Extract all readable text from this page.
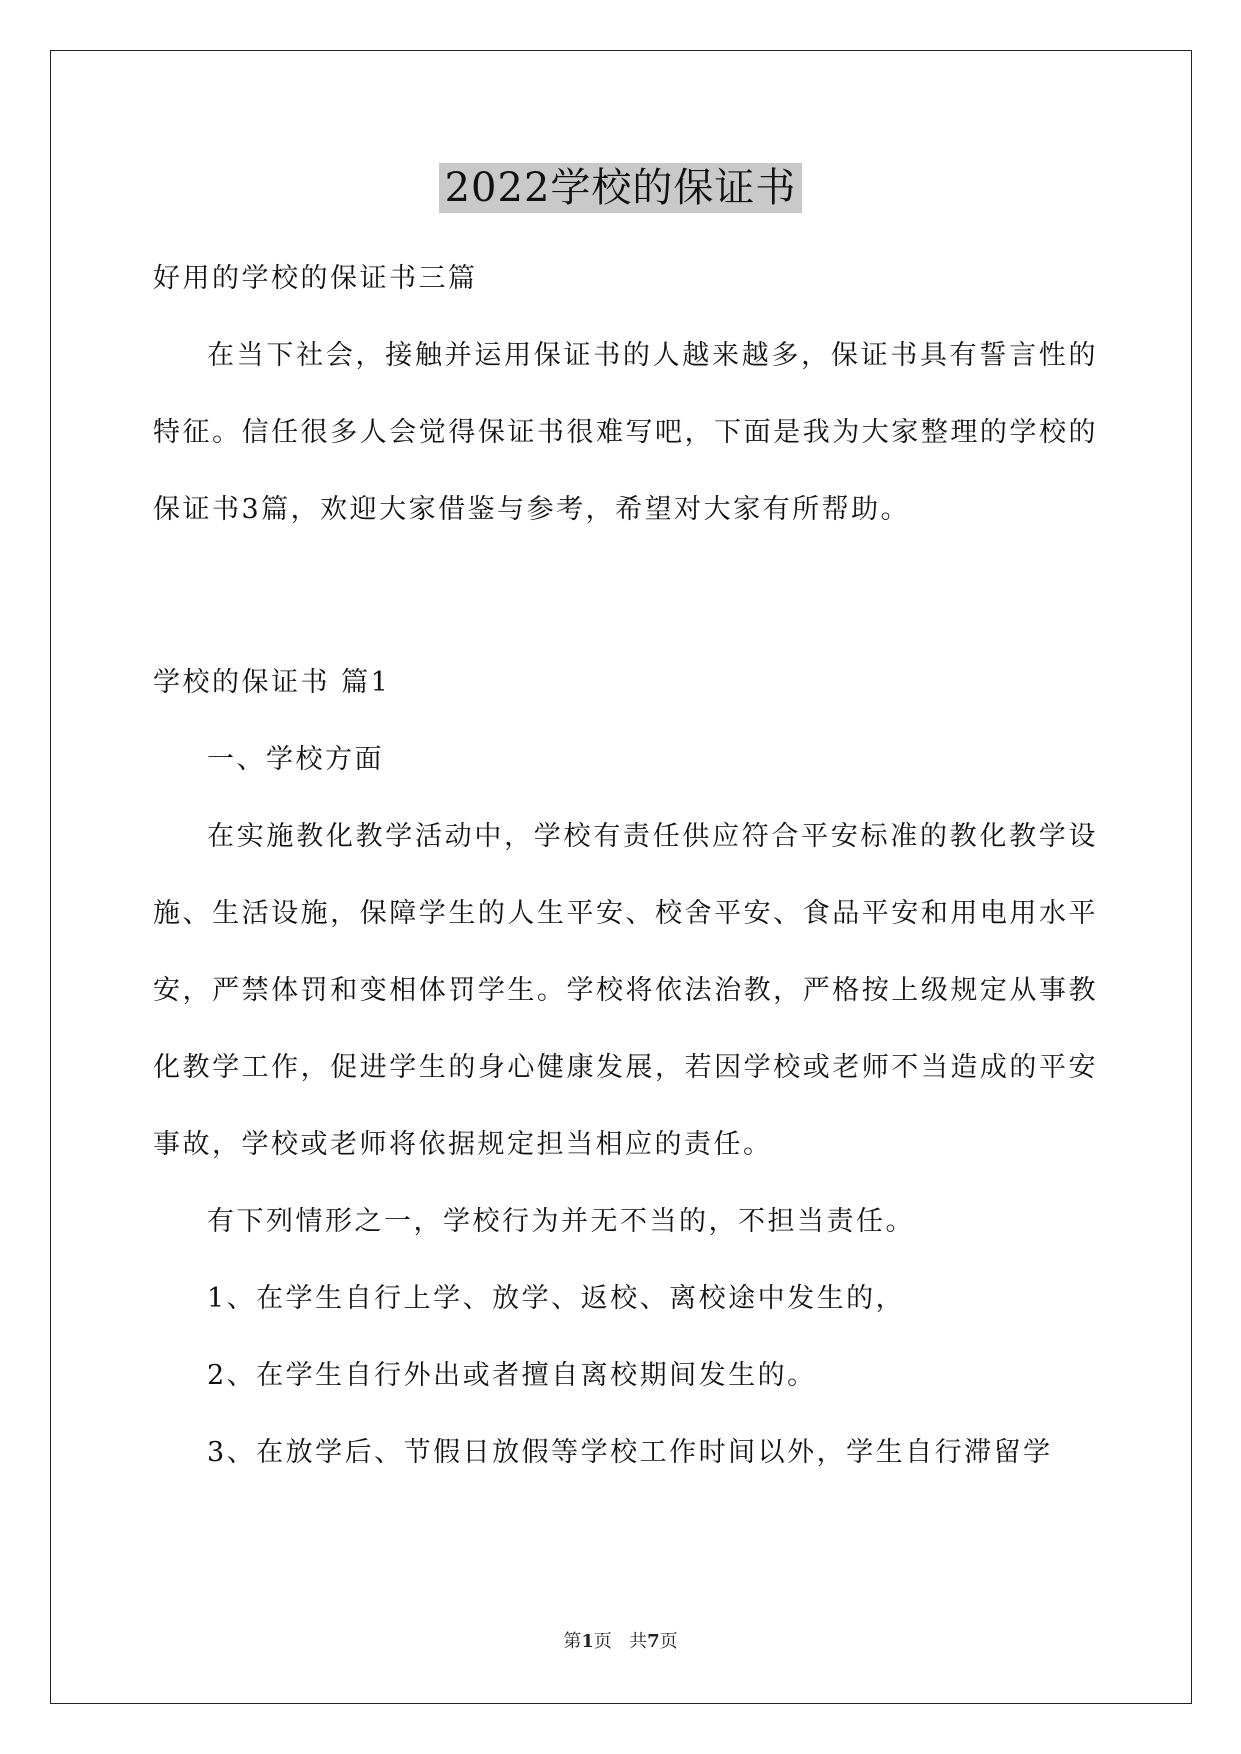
2022学校的保证书

好用的学校的保证书三篇

在当下社会，接触并运用保证书的人越来越多，保证书具有誓言性的特征。信任很多人会觉得保证书很难写吧，下面是我为大家整理的学校的保证书3篇，欢迎大家借鉴与参考，希望对大家有所帮助。

学校的保证书 篇1

一、学校方面

在实施教化教学活动中，学校有责任供应符合平安标准的教化教学设施、生活设施，保障学生的人生平安、校舍平安、食品平安和用电用水平安，严禁体罚和变相体罚学生。学校将依法治教，严格按上级规定从事教化教学工作，促进学生的身心健康发展，若因学校或老师不当造成的平安事故，学校或老师将依据规定担当相应的责任。

有下列情形之一，学校行为并无不当的，不担当责任。

1、在学生自行上学、放学、返校、离校途中发生的，

2、在学生自行外出或者擅自离校期间发生的。

3、在放学后、节假日放假等学校工作时间以外，学生自行滞留学

第1页 共7页
